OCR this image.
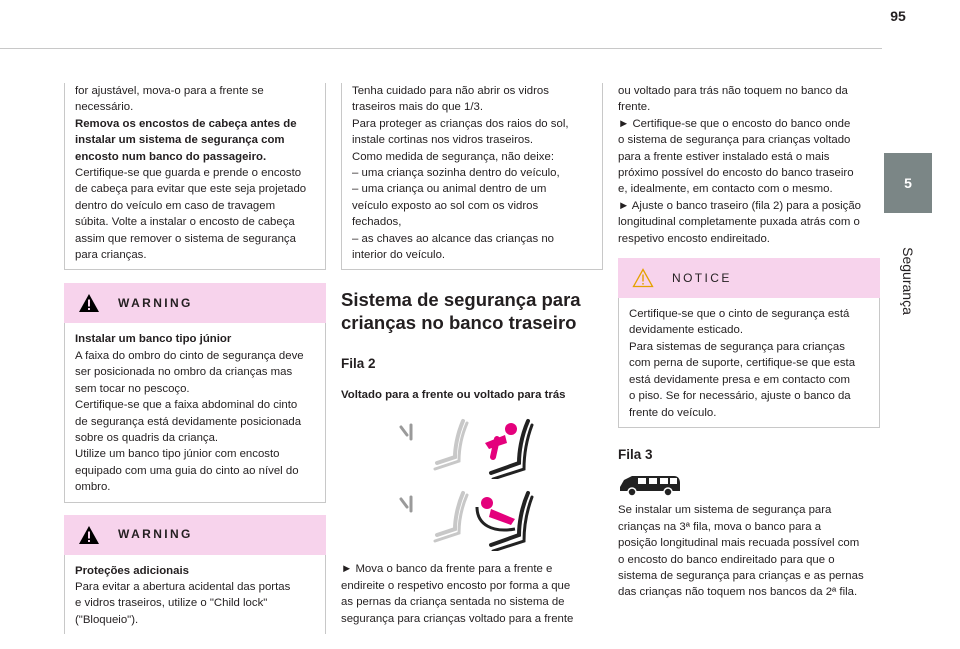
95
5
Segurança

for ajustável, mova-o para a frente se
necessário.

Remova os encostos de cabeça antes de
instalar um sistema de segurança com
encosto num banco do passageiro.

Certifique-se que guarda e prende o encosto
de cabeça para evitar que este seja projetado
dentro do veículo em caso de travagem
súbita. Volte a instalar o encosto de cabeça
assim que remover o sistema de segurança
para crianças.

WARNING

Instalar um banco tipo júnior

A faixa do ombro do cinto de segurança deve
ser posicionada no ombro da crianças mas
sem tocar no pescoço.
Certifique-se que a faixa abdominal do cinto
de segurança está devidamente posicionada
sobre os quadris da criança.
Utilize um banco tipo júnior com encosto
equipado com uma guia do cinto ao nível do
ombro.

WARNING

Proteções adicionais

Para evitar a abertura acidental das portas
e vidros traseiros, utilize o "Child lock"
("Bloqueio").

Tenha cuidado para não abrir os vidros
traseiros mais do que 1/3.
Para proteger as crianças dos raios do sol,
instale cortinas nos vidros traseiros.
Como medida de segurança, não deixe:
– uma criança sozinha dentro do veículo,
– uma criança ou animal dentro de um
veículo exposto ao sol com os vidros
fechados,
– as chaves ao alcance das crianças no
interior do veículo.

Sistema de segurança para
crianças no banco traseiro
Fila 2
Voltado para a frente ou voltado para trás

► Mova o banco da frente para a frente e
endireite o respetivo encosto por forma a que
as pernas da criança sentada no sistema de
segurança para crianças voltado para a frente

ou voltado para trás não toquem no banco da
frente.
► Certifique-se que o encosto do banco onde
o sistema de segurança para crianças voltado
para a frente estiver instalado está o mais
próximo possível do encosto do banco traseiro
e, idealmente, em contacto com o mesmo.
► Ajuste o banco traseiro (fila 2) para a posição
longitudinal completamente puxada atrás com o
respetivo encosto endireitado.

NOTICE

Certifique-se que o cinto de segurança está
devidamente esticado.
Para sistemas de segurança para crianças
com perna de suporte, certifique-se que esta
está devidamente presa e em contacto com
o piso. Se for necessário, ajuste o banco da
frente do veículo.

Fila 3

Se instalar um sistema de segurança para
crianças na 3ª fila, mova o banco para a
posição longitudinal mais recuada possível com
o encosto do banco endireitado para que o
sistema de segurança para crianças e as pernas
das crianças não toquem nos bancos da 2ª fila.
